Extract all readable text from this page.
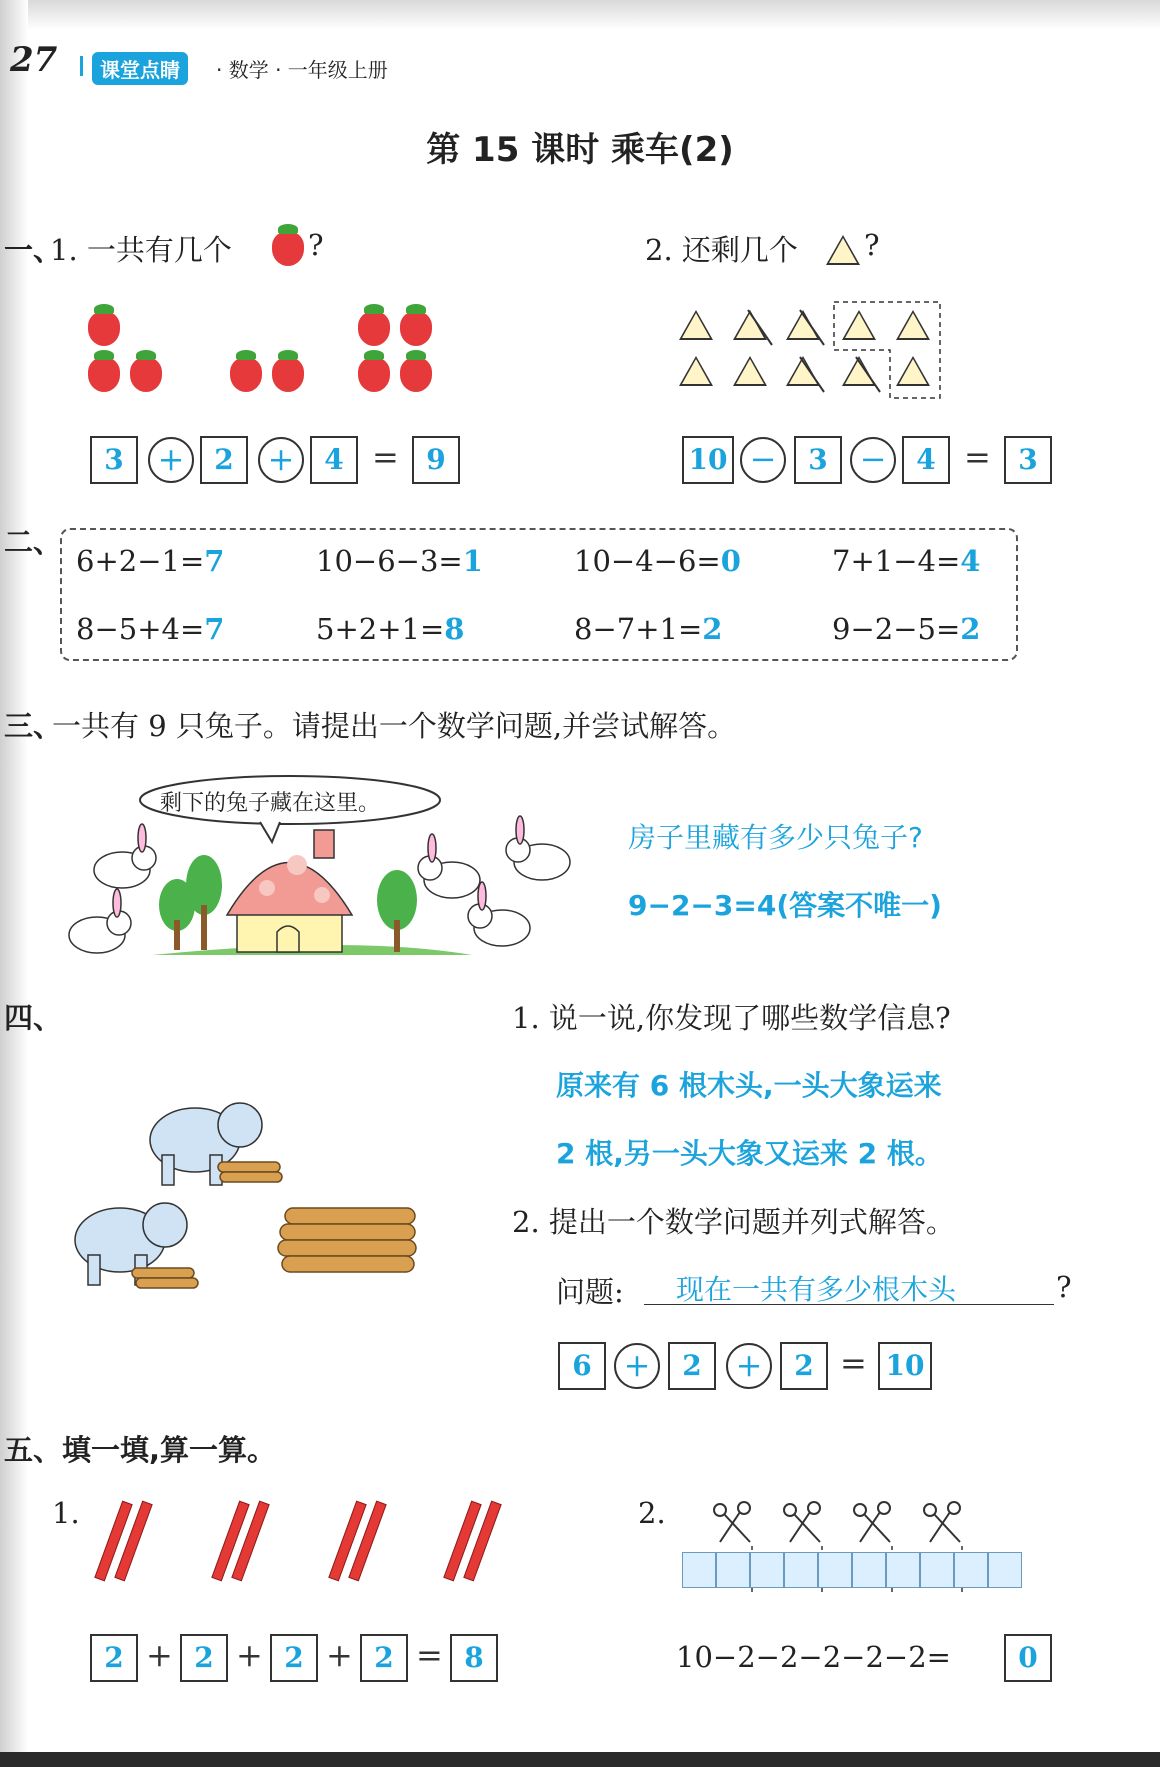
27	课堂点睛	· 数学 · 一年级上册
第 15 课时 乘车(2)
一、
1. 一共有几个	?	2. 还剩几个 ?
3	+	2	+	4 = 9	10 −	3 −	4 = 3
二、
6+2−1=7	10−6−3=1	10−4−6=0	7+1−4=4
8−5+4=7	5+2+1=8	8−7+1=2	9−2−5=2
三、
一共有 9 只兔子。请提出一个数学问题,并尝试解答。
剩下的兔子藏在这里。
房子里藏有多少只兔子?
9−2−3=4(答案不唯一)
四、	1. 说一说,你发现了哪些数学信息?
原来有 6 根木头,一头大象运来
2 根,另一头大象又运来 2 根。
2. 提出一个数学问题并列式解答。
问题: 现在一共有多少根木头	?
6 +	2	+	2 = 10
五、填一填,算一算。
1.	2.
2 + 2 + 2 + 2 = 8	10−2−2−2−2−2=	0
